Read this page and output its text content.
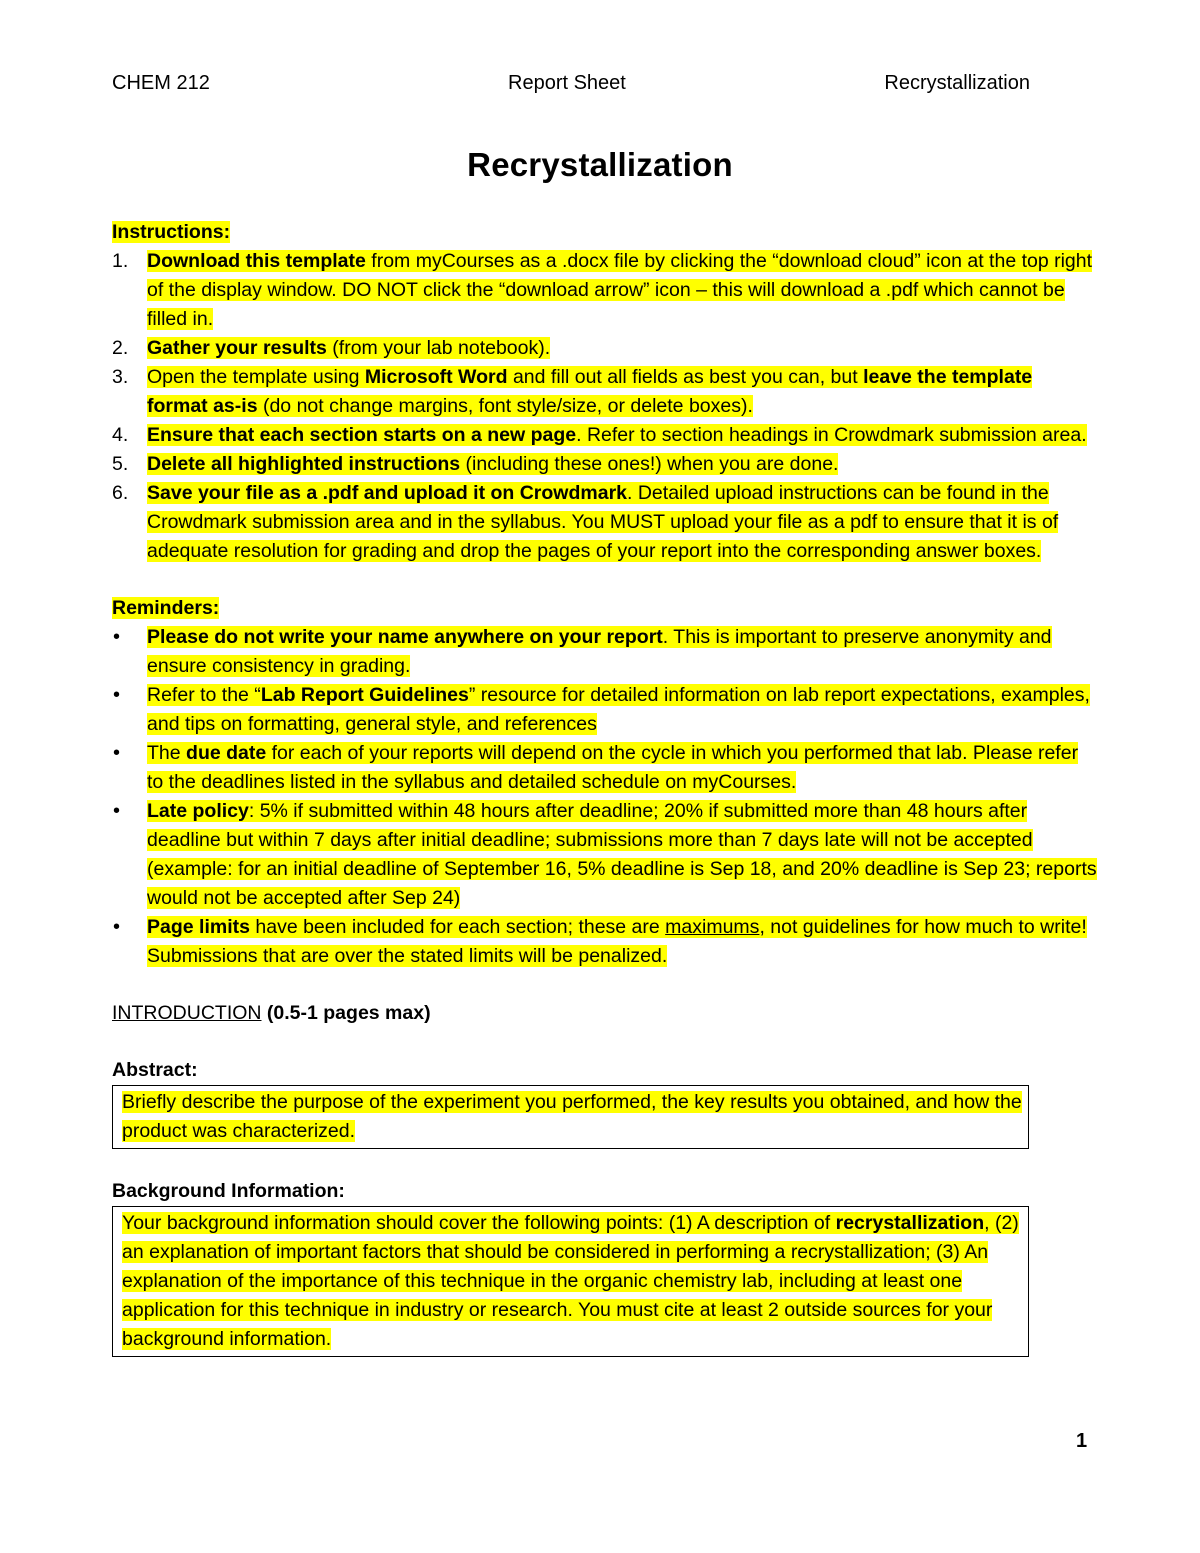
CHEM 212	Report Sheet	Recrystallization
Recrystallization

Instructions:

1. Download this template from myCourses as a .docx file by clicking the “download cloud” icon at the top right of the display window. DO NOT click the “download arrow” icon – this will download a .pdf which cannot be filled in.
2. Gather your results (from your lab notebook).
3. Open the template using Microsoft Word and fill out all fields as best you can, but leave the template format as-is (do not change margins, font style/size, or delete boxes).
4. Ensure that each section starts on a new page. Refer to section headings in Crowdmark submission area.
5. Delete all highlighted instructions (including these ones!) when you are done.
6. Save your file as a .pdf and upload it on Crowdmark. Detailed upload instructions can be found in the Crowdmark submission area and in the syllabus. You MUST upload your file as a pdf to ensure that it is of adequate resolution for grading and drop the pages of your report into the corresponding answer boxes.

Reminders:

• Please do not write your name anywhere on your report. This is important to preserve anonymity and ensure consistency in grading.
• Refer to the “Lab Report Guidelines” resource for detailed information on lab report expectations, examples, and tips on formatting, general style, and references
• The due date for each of your reports will depend on the cycle in which you performed that lab. Please refer to the deadlines listed in the syllabus and detailed schedule on myCourses.
• Late policy: 5% if submitted within 48 hours after deadline; 20% if submitted more than 48 hours after deadline but within 7 days after initial deadline; submissions more than 7 days late will not be accepted (example: for an initial deadline of September 16, 5% deadline is Sep 18, and 20% deadline is Sep 23; reports would not be accepted after Sep 24)
• Page limits have been included for each section; these are maximums, not guidelines for how much to write! Submissions that are over the stated limits will be penalized.

INTRODUCTION (0.5-1 pages max)

Abstract:

Briefly describe the purpose of the experiment you performed, the key results you obtained, and how the product was characterized.

Background Information:

Your background information should cover the following points: (1) A description of recrystallization, (2) an explanation of important factors that should be considered in performing a recrystallization; (3) An explanation of the importance of this technique in the organic chemistry lab, including at least one application for this technique in industry or research. You must cite at least 2 outside sources for your background information.
1
